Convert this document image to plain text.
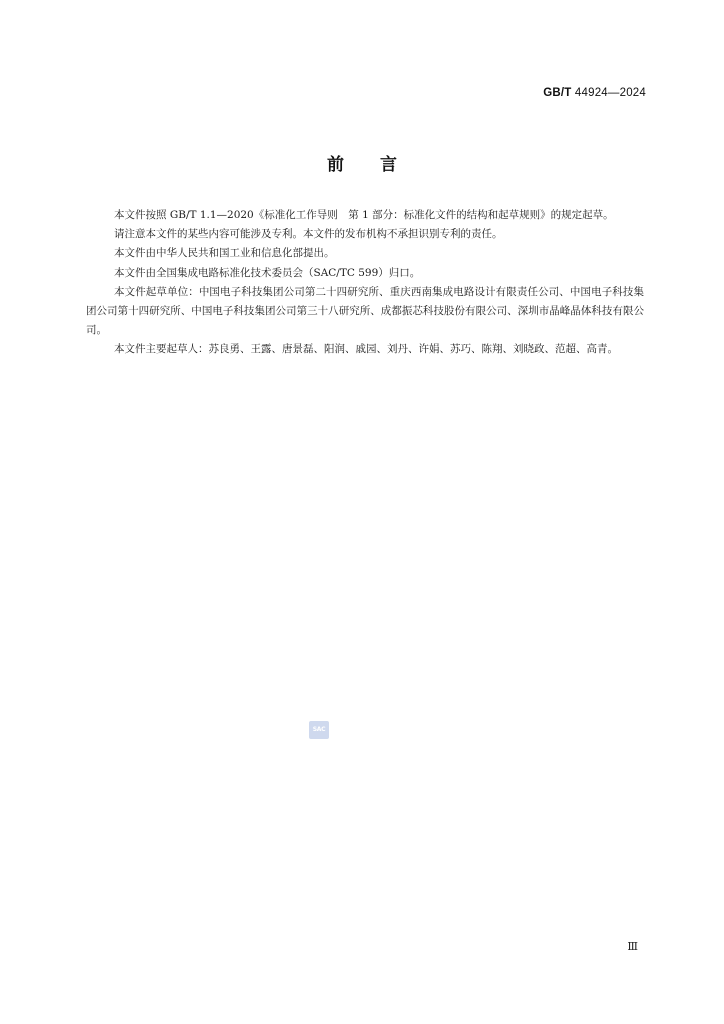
GB/T 44924—2024
前言

本文件按照 GB/T 1.1—2020《标准化工作导则　第 1 部分：标准化文件的结构和起草规则》的规定起草。

请注意本文件的某些内容可能涉及专利。本文件的发布机构不承担识别专利的责任。

本文件由中华人民共和国工业和信息化部提出。

本文件由全国集成电路标准化技术委员会（SAC/TC 599）归口。

本文件起草单位：中国电子科技集团公司第二十四研究所、重庆西南集成电路设计有限责任公司、中国电子科技集团公司第十四研究所、中国电子科技集团公司第三十八研究所、成都振芯科技股份有限公司、深圳市晶峰晶体科技有限公司。

本文件主要起草人：苏良勇、王露、唐景磊、阳润、戚园、刘丹、许娟、苏巧、陈翔、刘晓政、范超、高青。

SAC
Ⅲ
